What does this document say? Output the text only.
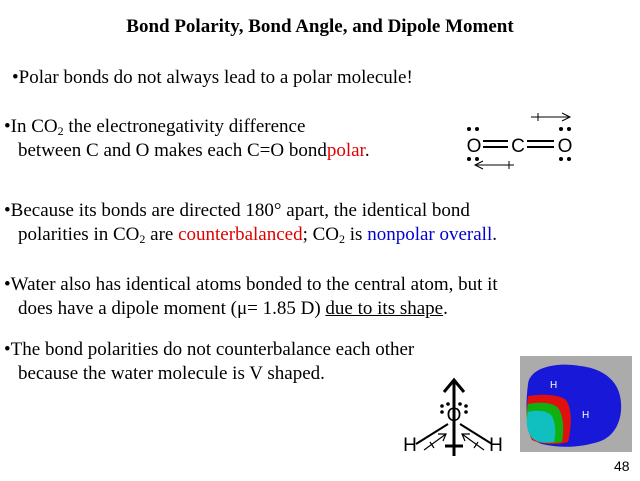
Bond Polarity, Bond Angle, and Dipole Moment
•Polar bonds do not always lead to a polar molecule!
•In $CO_2$ the electronegativity difference
between C and O makes each C=O bondpolar.	O C O
•Because its bonds are directed 180° apart, the identical bond
polarities in $CO_2$ are counterbalanced; $CO_2$ is nonpolar overall.
•Water also has identical atoms bonded to the central atom, but it
does have a dipole moment (μ= 1.85 D) due to its shape.
•The bond polarities do not counterbalance each other
because the water molecule is V shaped.
O
H	H
H
H
48
